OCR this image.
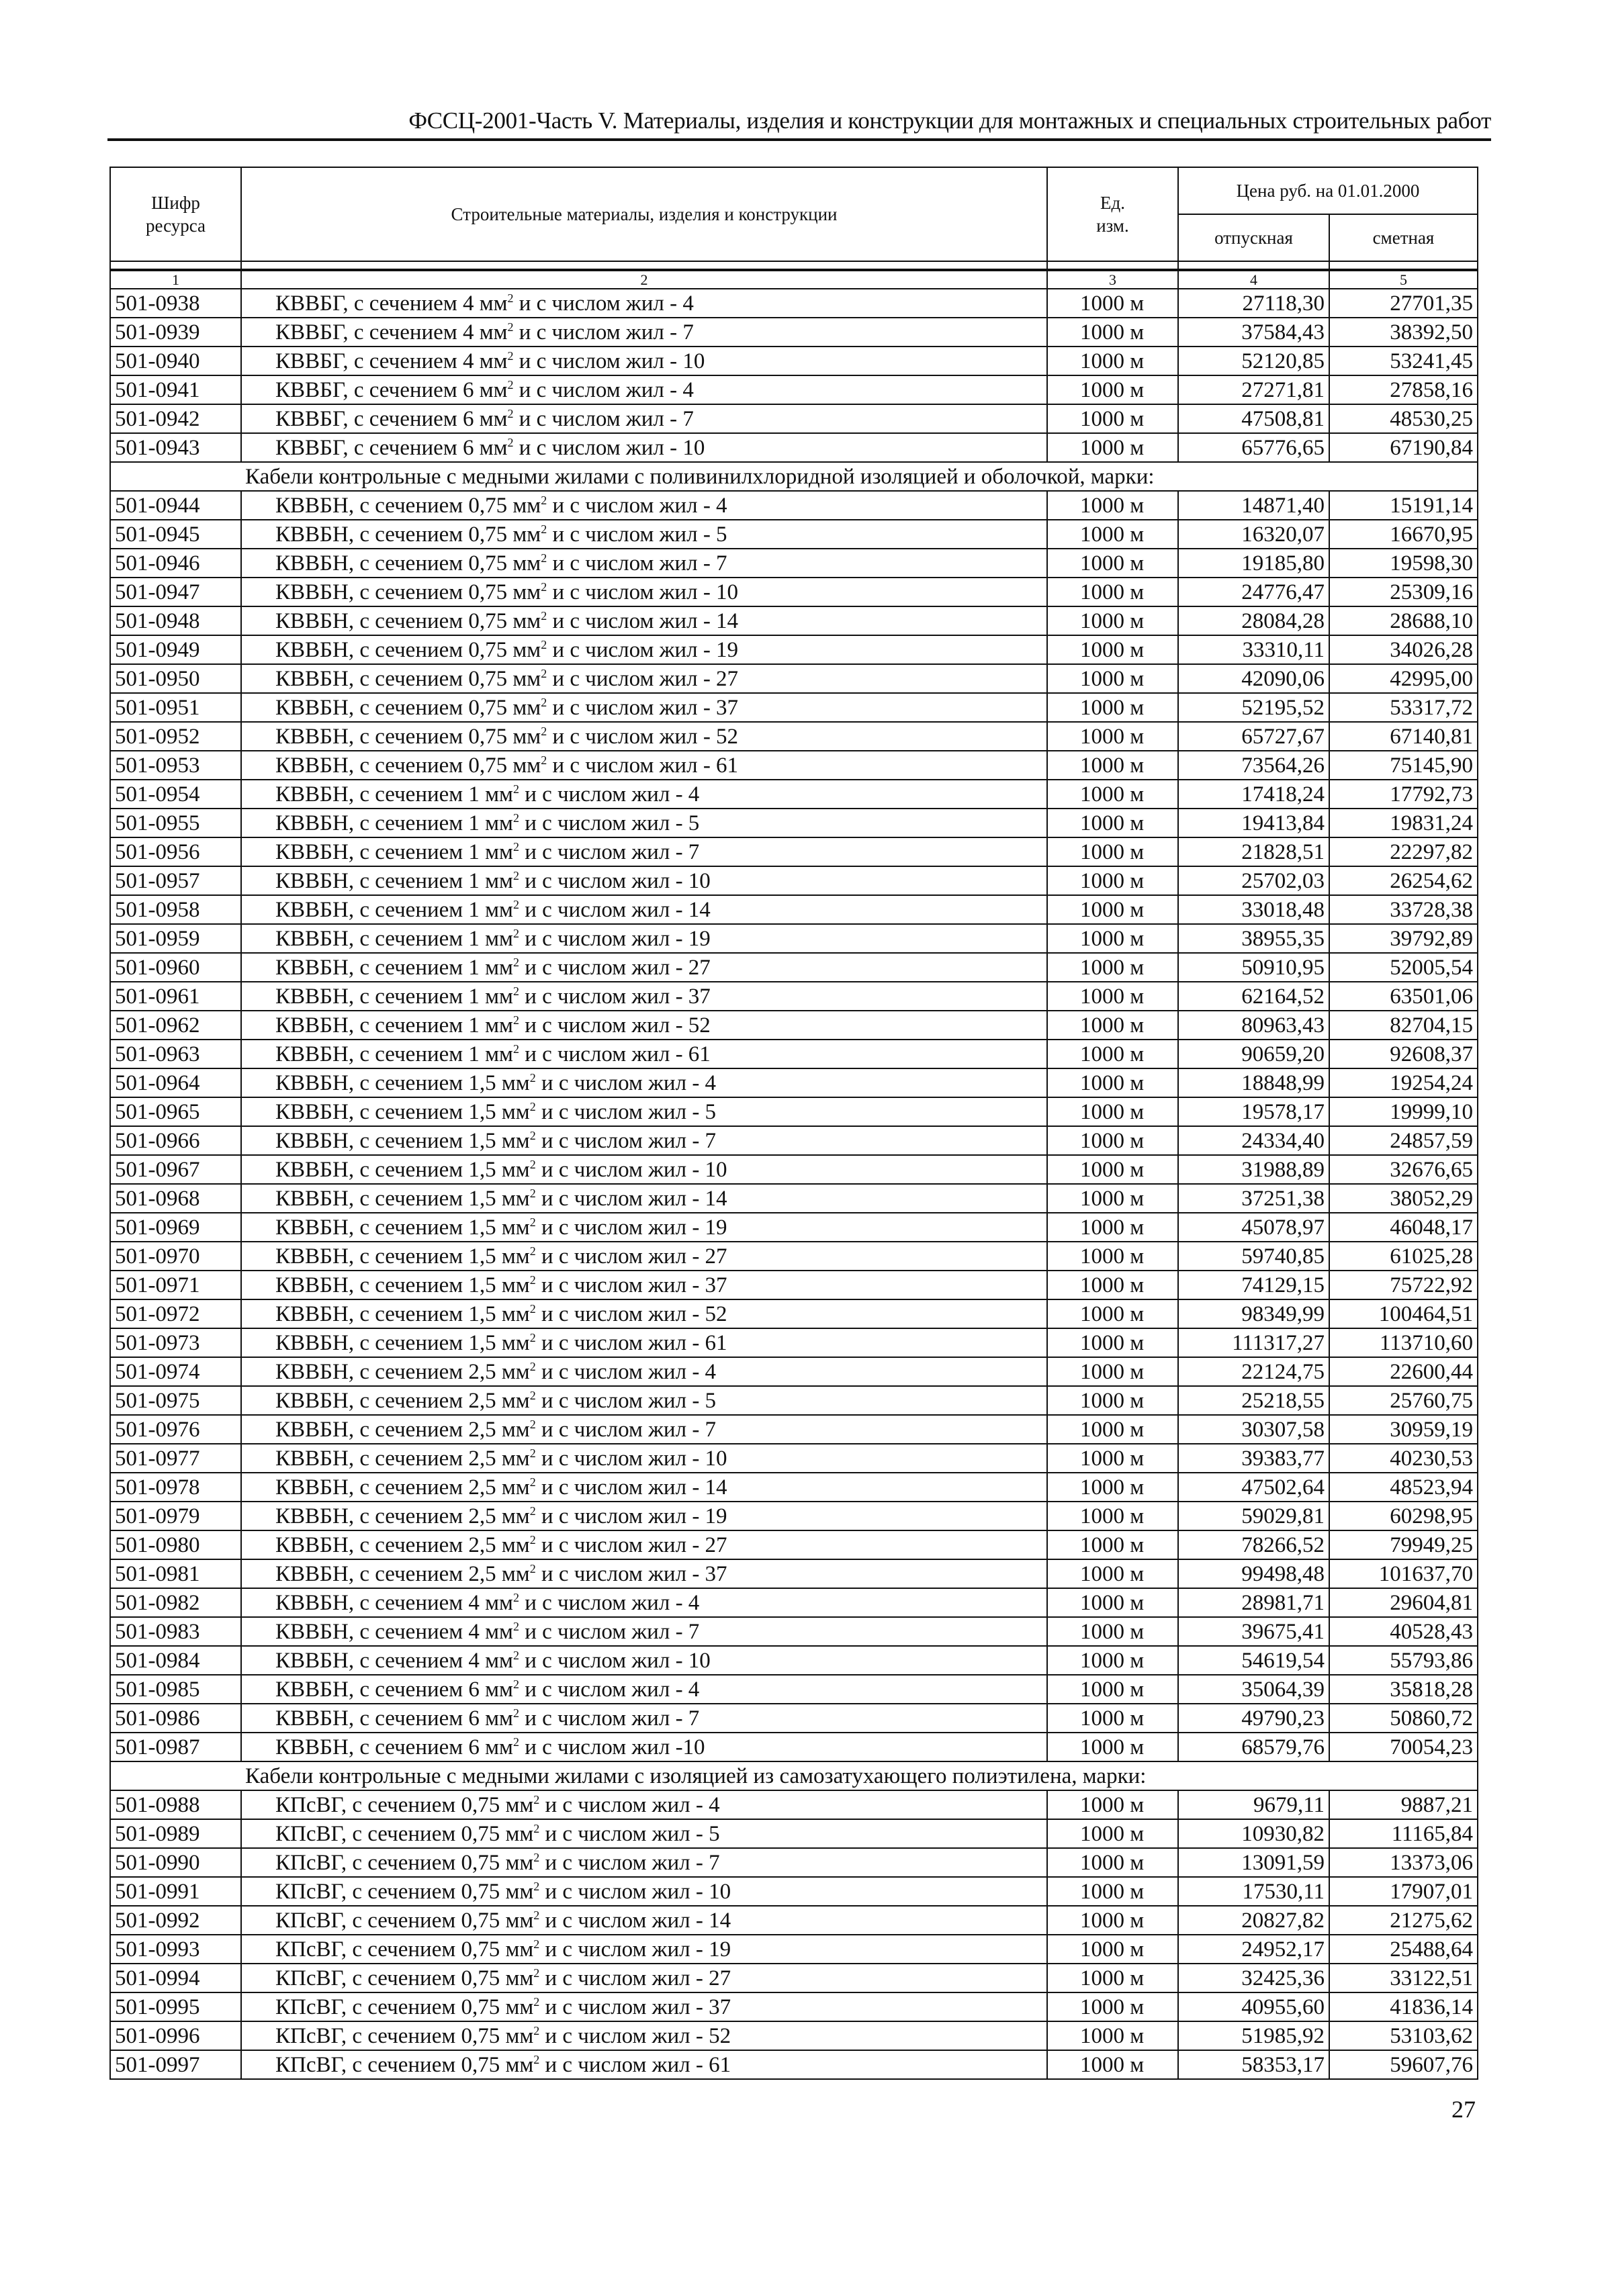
ФССЦ-2001-Часть V. Материалы, изделия и конструкции для монтажных и специальных строительных работ
Шифр ресурса	Строительные материалы, изделия и конструкции	Ед. изм.	Цена руб. на 01.01.2000	
			отпускная	сметная

1	2	3	4	5
501-0938	КВВБГ, с сечением 4 $мм^2$ и с числом жил - 4	1000 м	27118,30	27701,35
501-0939	КВВБГ, с сечением 4 $мм^2$ и с числом жил - 7	1000 м	37584,43	38392,50
501-0940	КВВБГ, с сечением 4 $мм^2$ и с числом жил - 10	1000 м	52120,85	53241,45
501-0941	КВВБГ, с сечением 6 $мм^2$ и с числом жил - 4	1000 м	27271,81	27858,16
501-0942	КВВБГ, с сечением 6 $мм^2$ и с числом жил - 7	1000 м	47508,81	48530,25
501-0943	КВВБГ, с сечением 6 $мм^2$ и с числом жил - 10	1000 м	65776,65	67190,84
Кабели контрольные с медными жилами с поливинилхлоридной изоляцией и оболочкой, марки:				
501-0944	КВВБН, с сечением 0,75 $мм^2$ и с числом жил - 4	1000 м	14871,40	15191,14
501-0945	КВВБН, с сечением 0,75 $мм^2$ и с числом жил - 5	1000 м	16320,07	16670,95
501-0946	КВВБН, с сечением 0,75 $мм^2$ и с числом жил - 7	1000 м	19185,80	19598,30
501-0947	КВВБН, с сечением 0,75 $мм^2$ и с числом жил - 10	1000 м	24776,47	25309,16
501-0948	КВВБН, с сечением 0,75 $мм^2$ и с числом жил - 14	1000 м	28084,28	28688,10
501-0949	КВВБН, с сечением 0,75 $мм^2$ и с числом жил - 19	1000 м	33310,11	34026,28
501-0950	КВВБН, с сечением 0,75 $мм^2$ и с числом жил - 27	1000 м	42090,06	42995,00
501-0951	КВВБН, с сечением 0,75 $мм^2$ и с числом жил - 37	1000 м	52195,52	53317,72
501-0952	КВВБН, с сечением 0,75 $мм^2$ и с числом жил - 52	1000 м	65727,67	67140,81
501-0953	КВВБН, с сечением 0,75 $мм^2$ и с числом жил - 61	1000 м	73564,26	75145,90
501-0954	КВВБН, с сечением 1 $мм^2$ и с числом жил - 4	1000 м	17418,24	17792,73
501-0955	КВВБН, с сечением 1 $мм^2$ и с числом жил - 5	1000 м	19413,84	19831,24
501-0956	КВВБН, с сечением 1 $мм^2$ и с числом жил - 7	1000 м	21828,51	22297,82
501-0957	КВВБН, с сечением 1 $мм^2$ и с числом жил - 10	1000 м	25702,03	26254,62
501-0958	КВВБН, с сечением 1 $мм^2$ и с числом жил - 14	1000 м	33018,48	33728,38
501-0959	КВВБН, с сечением 1 $мм^2$ и с числом жил - 19	1000 м	38955,35	39792,89
501-0960	КВВБН, с сечением 1 $мм^2$ и с числом жил - 27	1000 м	50910,95	52005,54
501-0961	КВВБН, с сечением 1 $мм^2$ и с числом жил - 37	1000 м	62164,52	63501,06
501-0962	КВВБН, с сечением 1 $мм^2$ и с числом жил - 52	1000 м	80963,43	82704,15
501-0963	КВВБН, с сечением 1 $мм^2$ и с числом жил - 61	1000 м	90659,20	92608,37
501-0964	КВВБН, с сечением 1,5 $мм^2$ и с числом жил - 4	1000 м	18848,99	19254,24
501-0965	КВВБН, с сечением 1,5 $мм^2$ и с числом жил - 5	1000 м	19578,17	19999,10
501-0966	КВВБН, с сечением 1,5 $мм^2$ и с числом жил - 7	1000 м	24334,40	24857,59
501-0967	КВВБН, с сечением 1,5 $мм^2$ и с числом жил - 10	1000 м	31988,89	32676,65
501-0968	КВВБН, с сечением 1,5 $мм^2$ и с числом жил - 14	1000 м	37251,38	38052,29
501-0969	КВВБН, с сечением 1,5 $мм^2$ и с числом жил - 19	1000 м	45078,97	46048,17
501-0970	КВВБН, с сечением 1,5 $мм^2$ и с числом жил - 27	1000 м	59740,85	61025,28
501-0971	КВВБН, с сечением 1,5 $мм^2$ и с числом жил - 37	1000 м	74129,15	75722,92
501-0972	КВВБН, с сечением 1,5 $мм^2$ и с числом жил - 52	1000 м	98349,99	100464,51
501-0973	КВВБН, с сечением 1,5 $мм^2$ и с числом жил - 61	1000 м	111317,27	113710,60
501-0974	КВВБН, с сечением 2,5 $мм^2$ и с числом жил - 4	1000 м	22124,75	22600,44
501-0975	КВВБН, с сечением 2,5 $мм^2$ и с числом жил - 5	1000 м	25218,55	25760,75
501-0976	КВВБН, с сечением 2,5 $мм^2$ и с числом жил - 7	1000 м	30307,58	30959,19
501-0977	КВВБН, с сечением 2,5 $мм^2$ и с числом жил - 10	1000 м	39383,77	40230,53
501-0978	КВВБН, с сечением 2,5 $мм^2$ и с числом жил - 14	1000 м	47502,64	48523,94
501-0979	КВВБН, с сечением 2,5 $мм^2$ и с числом жил - 19	1000 м	59029,81	60298,95
501-0980	КВВБН, с сечением 2,5 $мм^2$ и с числом жил - 27	1000 м	78266,52	79949,25
501-0981	КВВБН, с сечением 2,5 $мм^2$ и с числом жил - 37	1000 м	99498,48	101637,70
501-0982	КВВБН, с сечением 4 $мм^2$ и с числом жил - 4	1000 м	28981,71	29604,81
501-0983	КВВБН, с сечением 4 $мм^2$ и с числом жил - 7	1000 м	39675,41	40528,43
501-0984	КВВБН, с сечением 4 $мм^2$ и с числом жил - 10	1000 м	54619,54	55793,86
501-0985	КВВБН, с сечением 6 $мм^2$ и с числом жил - 4	1000 м	35064,39	35818,28
501-0986	КВВБН, с сечением 6 $мм^2$ и с числом жил - 7	1000 м	49790,23	50860,72
501-0987	КВВБН, с сечением 6 $мм^2$ и с числом жил -10	1000 м	68579,76	70054,23
Кабели контрольные с медными жилами с изоляцией из самозатухающего полиэтилена, марки:				
501-0988	КПсВГ, с сечением 0,75 $мм^2$ и с числом жил - 4	1000 м	9679,11	9887,21
501-0989	КПсВГ, с сечением 0,75 $мм^2$ и с числом жил - 5	1000 м	10930,82	11165,84
501-0990	КПсВГ, с сечением 0,75 $мм^2$ и с числом жил - 7	1000 м	13091,59	13373,06
501-0991	КПсВГ, с сечением 0,75 $мм^2$ и с числом жил - 10	1000 м	17530,11	17907,01
501-0992	КПсВГ, с сечением 0,75 $мм^2$ и с числом жил - 14	1000 м	20827,82	21275,62
501-0993	КПсВГ, с сечением 0,75 $мм^2$ и с числом жил - 19	1000 м	24952,17	25488,64
501-0994	КПсВГ, с сечением 0,75 $мм^2$ и с числом жил - 27	1000 м	32425,36	33122,51
501-0995	КПсВГ, с сечением 0,75 $мм^2$ и с числом жил - 37	1000 м	40955,60	41836,14
501-0996	КПсВГ, с сечением 0,75 $мм^2$ и с числом жил - 52	1000 м	51985,92	53103,62
501-0997	КПсВГ, с сечением 0,75 $мм^2$ и с числом жил - 61	1000 м	58353,17	59607,76
27
